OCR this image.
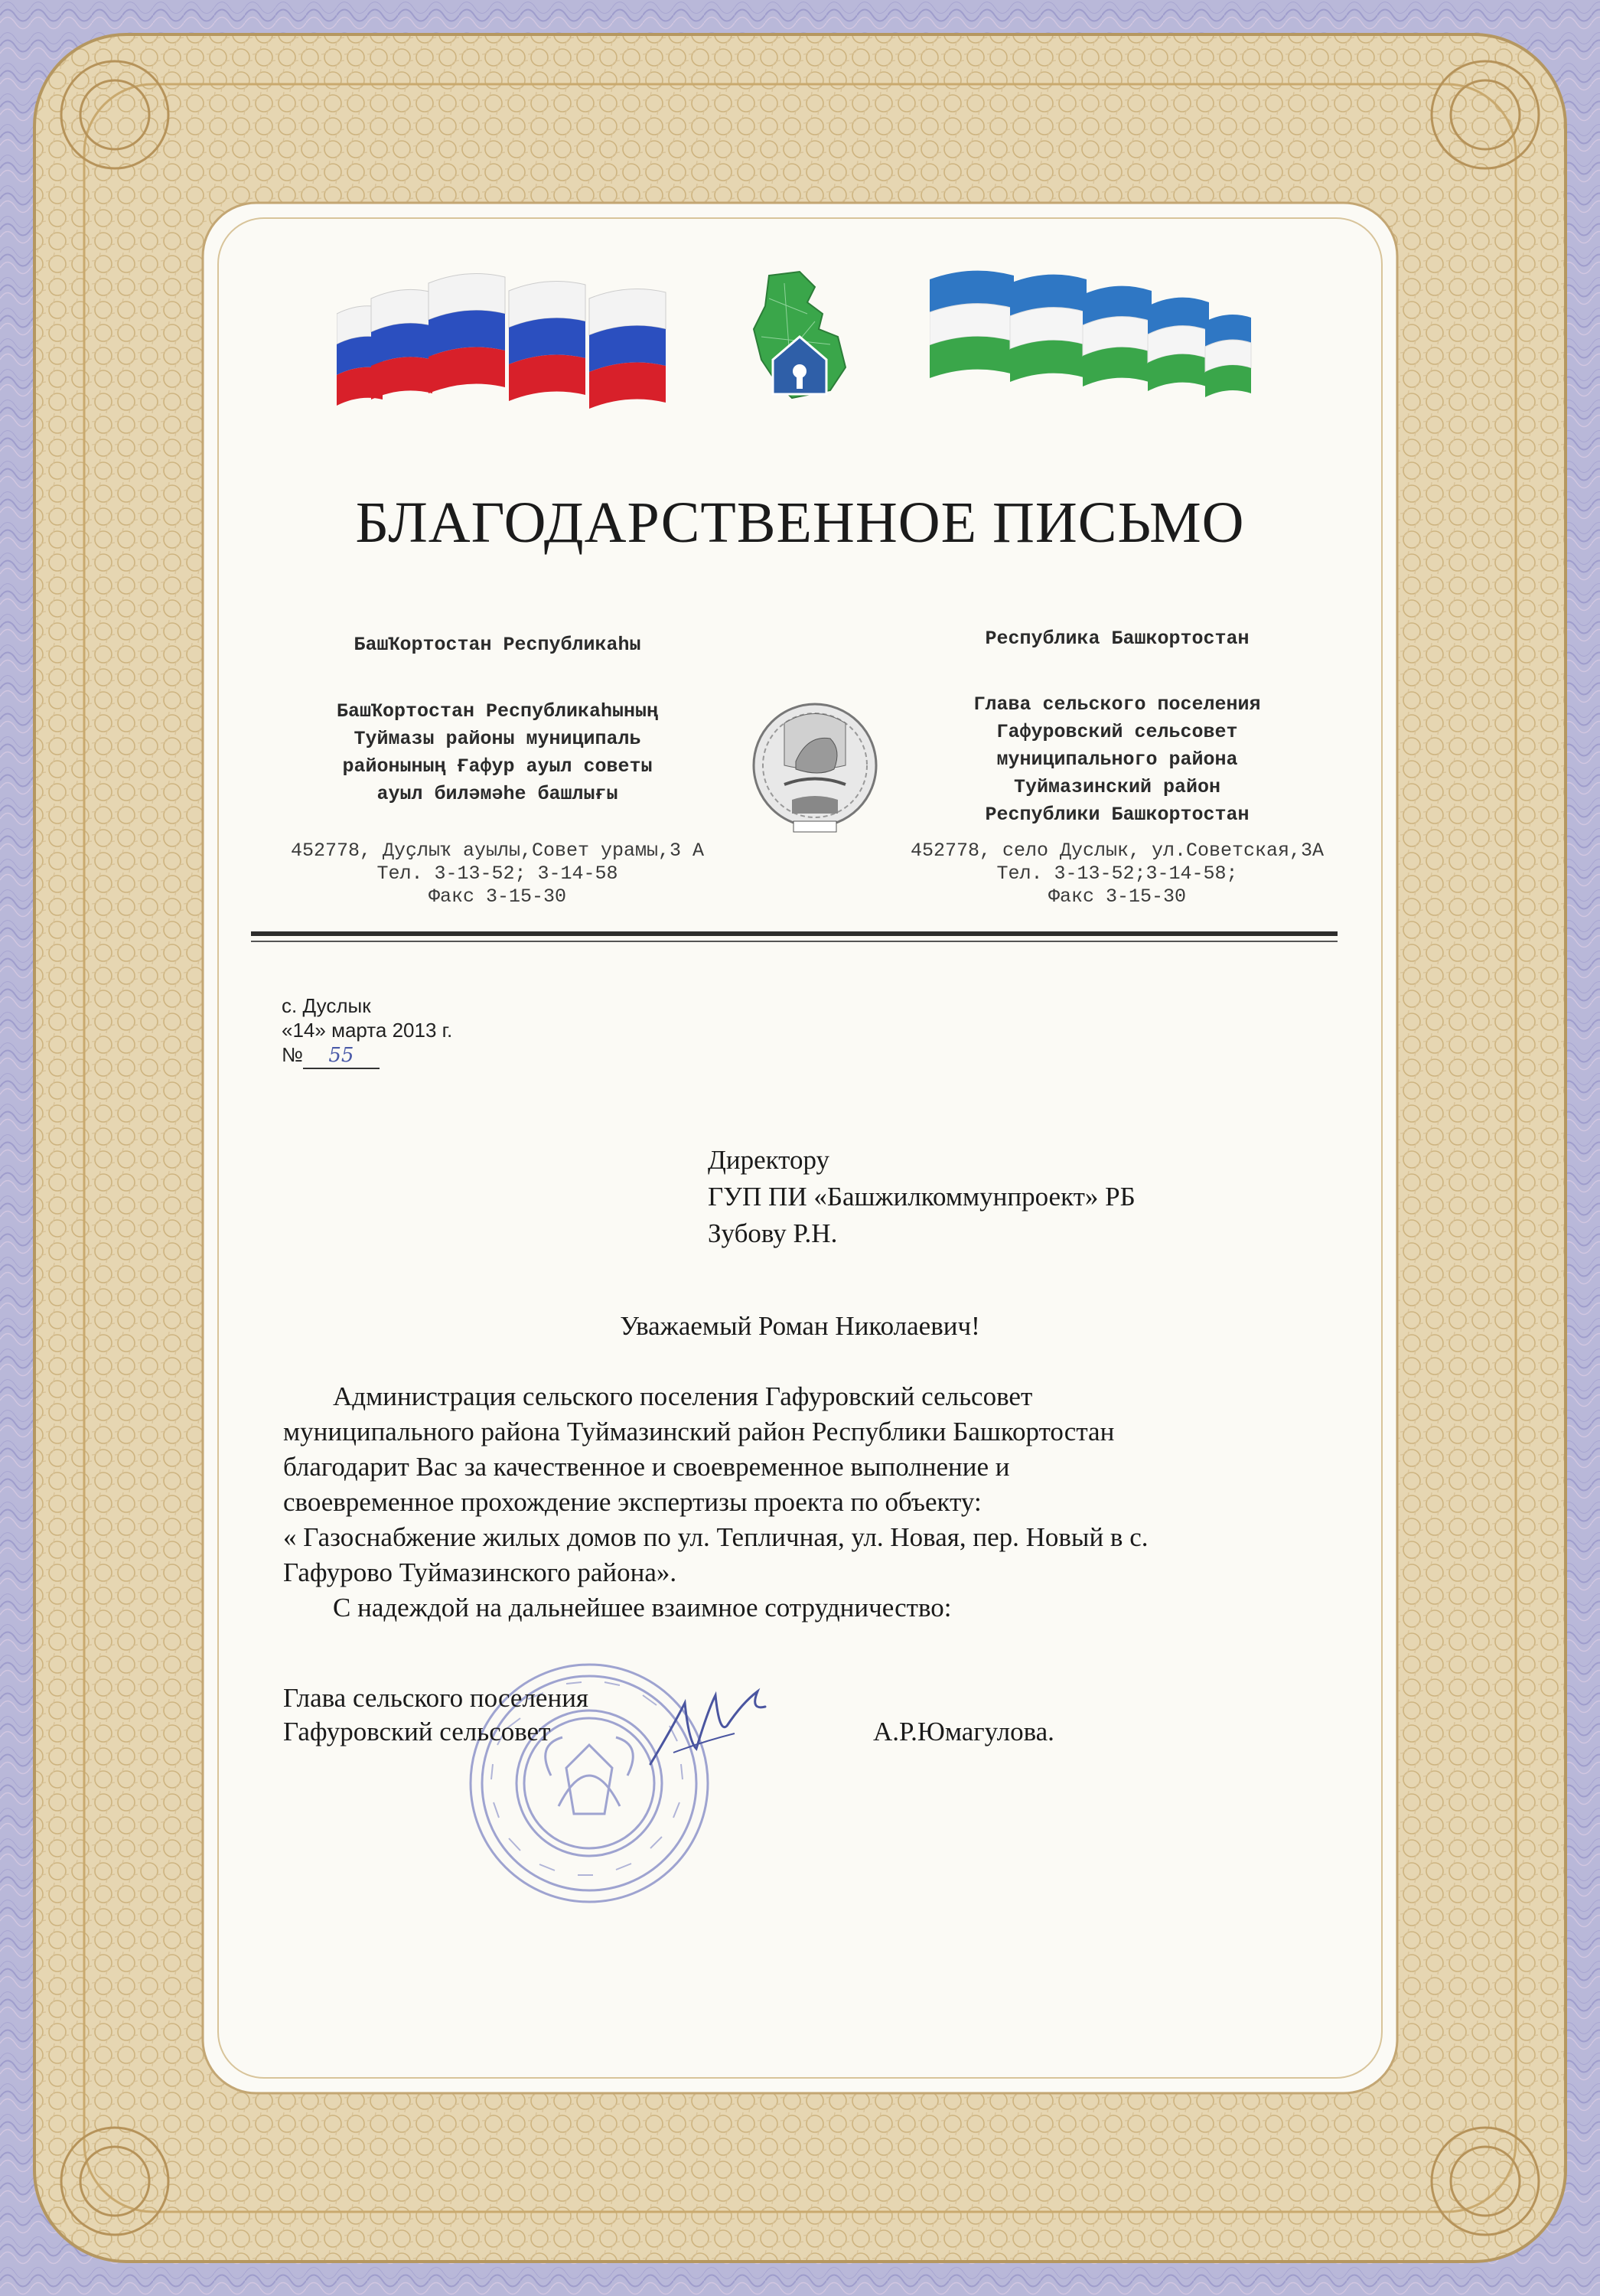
БЛАГОДАРСТВЕННОЕ ПИСЬМО
БашҠортостан Республикаһы
БашҠортостан Республикаһының
Туймазы районы муниципаль
районының Ғафур ауыл советы
ауыл биләмәһе башлығы
452778, Дуҫлыҡ ауылы,Совет урамы,3 А
Тел. 3-13-52; 3-14-58
Факс 3-15-30
Республика Башкортостан
Глава сельского поселения
Гафуровский сельсовет
муниципального района
Туймазинский район
Республики Башкортостан
452778, село Дуслык, ул.Советская,3А
Тел. 3-13-52;3-14-58;
Факс 3-15-30
с. Дуслык
«14» марта 2013 г.
№ 55
Директору
ГУП ПИ «Башжилкоммунпроект» РБ
Зубову Р.Н.
Уважаемый Роман Николаевич!

Администрация сельского поселения Гафуровский сельсовет

муниципального района Туймазинский район Республики Башкортостан

благодарит Вас за качественное и своевременное выполнение и

своевременное прохождение экспертизы проекта по объекту:

« Газоснабжение жилых домов по ул. Тепличная, ул. Новая, пер. Новый в с.

Гафурово Туймазинского района».

С надеждой на дальнейшее взаимное сотрудничество:

Глава сельского поселения
Гафуровский сельсовет	А.Р.Юмагулова.
